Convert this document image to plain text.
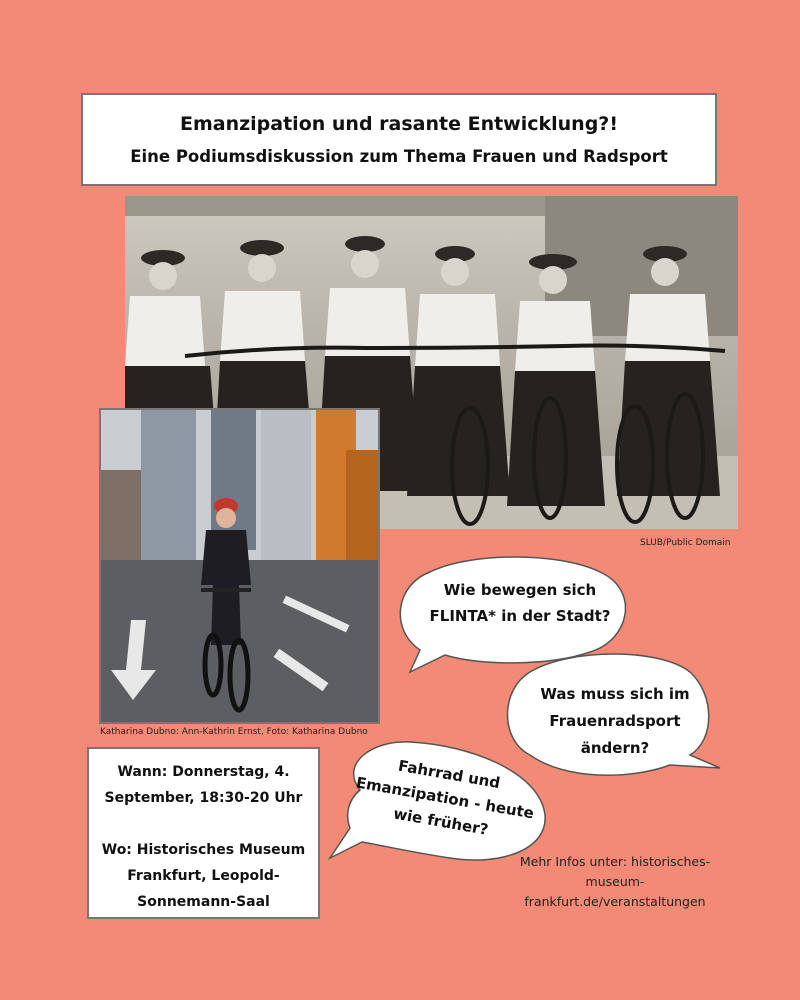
Emanzipation und rasante Entwicklung?!
Eine Podiumsdiskussion zum Thema Frauen und Radsport
SLUB/Public Domain
Katharina Dubno: Ann-Kathrin Ernst, Foto: Katharina Dubno
Wie bewegen sich FLINTA* in der Stadt?
Was muss sich im Frauenradsport ändern?
Fahrrad und Emanzipation - heute wie früher?
Wann: Donnerstag, 4. September, 18:30-20 Uhr
Wo: Historisches Museum Frankfurt, Leopold-Sonnemann-Saal
Mehr Infos unter: historisches-museum-frankfurt.de/veranstaltungen
